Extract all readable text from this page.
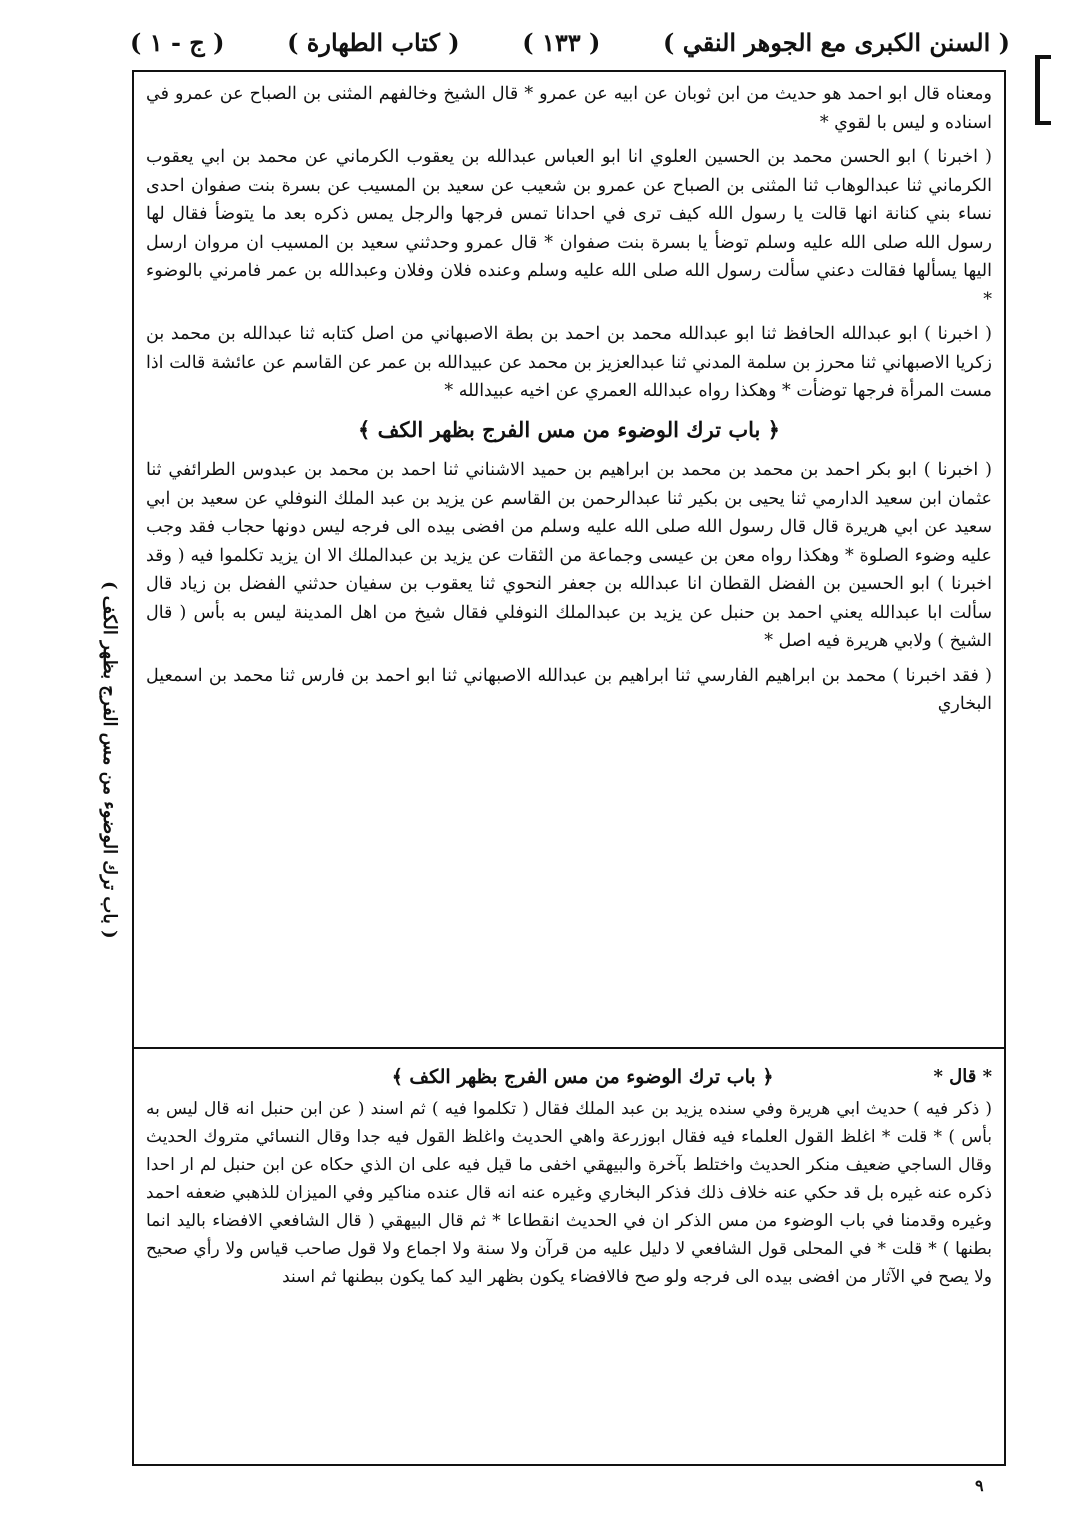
( السنن الكبرى مع الجوهر النقي )
( ١٣٣ )
( كتاب الطهارة )
( ج - ١ )
( باب ترك الوضوء من مس الفرج بظهر الكف )

ومعناه قال ابو احمد هو حديث من ابن ثوبان عن ابيه عن عمرو * قال الشيخ وخالفهم المثنى بن الصباح عن عمرو في اسناده و ليس با لقوي *

( اخبرنا ) ابو الحسن محمد بن الحسين العلوي انا ابو العباس عبدالله بن يعقوب الكرماني عن محمد بن ابي يعقوب الكرماني ثنا عبدالوهاب ثنا المثنى بن الصباح عن عمرو بن شعيب عن سعيد بن المسيب عن بسرة بنت صفوان احدى نساء بني كنانة انها قالت يا رسول الله كيف ترى في احدانا تمس فرجها والرجل يمس ذكره بعد ما يتوضأ فقال لها رسول الله صلى الله عليه وسلم توضأ يا بسرة بنت صفوان * قال عمرو وحدثني سعيد بن المسيب ان مروان ارسل اليها يسألها فقالت دعني سألت رسول الله صلى الله عليه وسلم وعنده فلان وفلان وعبدالله بن عمر فامرني بالوضوء *

( اخبرنا ) ابو عبدالله الحافظ ثنا ابو عبدالله محمد بن احمد بن بطة الاصبهاني من اصل كتابه ثنا عبدالله بن محمد بن زكريا الاصبهاني ثنا محرز بن سلمة المدني ثنا عبدالعزيز بن محمد عن عبيدالله بن عمر عن القاسم عن عائشة قالت اذا مست المرأة فرجها توضأت * وهكذا رواه عبدالله العمري عن اخيه عبيدالله *

﴿ باب ترك الوضوء من مس الفرج بظهر الكف ﴾

( اخبرنا ) ابو بكر احمد بن محمد بن محمد بن ابراهيم بن حميد الاشناني ثنا احمد بن محمد بن عبدوس الطرائفي ثنا عثمان ابن سعيد الدارمي ثنا يحيى بن بكير ثنا عبدالرحمن بن القاسم عن يزيد بن عبد الملك النوفلي عن سعيد بن ابي سعيد عن ابي هريرة قال قال رسول الله صلى الله عليه وسلم من افضى بيده الى فرجه ليس دونها حجاب فقد وجب عليه وضوء الصلوة * وهكذا رواه معن بن عيسى وجماعة من الثقات عن يزيد بن عبدالملك الا ان يزيد تكلموا فيه ( وقد اخبرنا ) ابو الحسين بن الفضل القطان انا عبدالله بن جعفر النحوي ثنا يعقوب بن سفيان حدثني الفضل بن زياد قال سألت ابا عبدالله يعني احمد بن حنبل عن يزيد بن عبدالملك النوفلي فقال شيخ من اهل المدينة ليس به بأس ( قال الشيخ ) ولابي هريرة فيه اصل *

( فقد اخبرنا ) محمد بن ابراهيم الفارسي ثنا ابراهيم بن عبدالله الاصبهاني ثنا ابو احمد بن فارس ثنا محمد بن اسمعيل البخاري

* قال *
﴿ باب ترك الوضوء من مس الفرج بظهر الكف ﴾

( ذكر فيه ) حديث ابي هريرة وفي سنده يزيد بن عبد الملك فقال ( تكلموا فيه ) ثم اسند ( عن ابن حنبل انه قال ليس به بأس ) * قلت * اغلظ القول العلماء فيه فقال ابوزرعة واهي الحديث واغلظ القول فيه جدا وقال النسائي متروك الحديث وقال الساجي ضعيف منكر الحديث واختلط بآخرة والبيهقي اخفى ما قيل فيه على ان الذي حكاه عن ابن حنبل لم ار احدا ذكره عنه غيره بل قد حكي عنه خلاف ذلك فذكر البخاري وغيره عنه انه قال عنده مناكير وفي الميزان للذهبي ضعفه احمد وغيره وقدمنا في باب الوضوء من مس الذكر ان في الحديث انقطاعا * ثم قال البيهقي ( قال الشافعي الافضاء باليد انما بطنها ) * قلت * في المحلى قول الشافعي لا دليل عليه من قرآن ولا سنة ولا اجماع ولا قول صاحب قياس ولا رأي صحيح ولا يصح في الآثار من افضى بيده الى فرجه ولو صح فالافضاء يكون بظهر اليد كما يكون ببطنها ثم اسند

٩
